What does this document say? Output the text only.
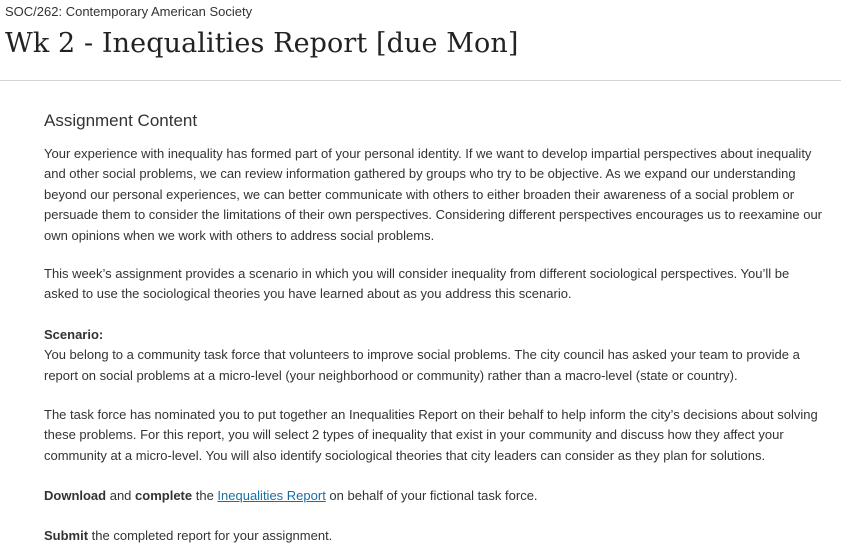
SOC/262: Contemporary American Society
Wk 2 - Inequalities Report [due Mon]
Assignment Content

Your experience with inequality has formed part of your personal identity. If we want to develop impartial perspectives about inequality and other social problems, we can review information gathered by groups who try to be objective. As we expand our understanding beyond our personal experiences, we can better communicate with others to either broaden their awareness of a social problem or persuade them to consider the limitations of their own perspectives. Considering different perspectives encourages us to reexamine our own opinions when we work with others to address social problems.

This week’s assignment provides a scenario in which you will consider inequality from different sociological perspectives. You’ll be asked to use the sociological theories you have learned about as you address this scenario.

Scenario:
You belong to a community task force that volunteers to improve social problems. The city council has asked your team to provide a report on social problems at a micro-level (your neighborhood or community) rather than a macro-level (state or country).

The task force has nominated you to put together an Inequalities Report on their behalf to help inform the city’s decisions about solving these problems. For this report, you will select 2 types of inequality that exist in your community and discuss how they affect your community at a micro-level. You will also identify sociological theories that city leaders can consider as they plan for solutions.

Download and complete the Inequalities Report on behalf of your fictional task force.

Submit the completed report for your assignment.
